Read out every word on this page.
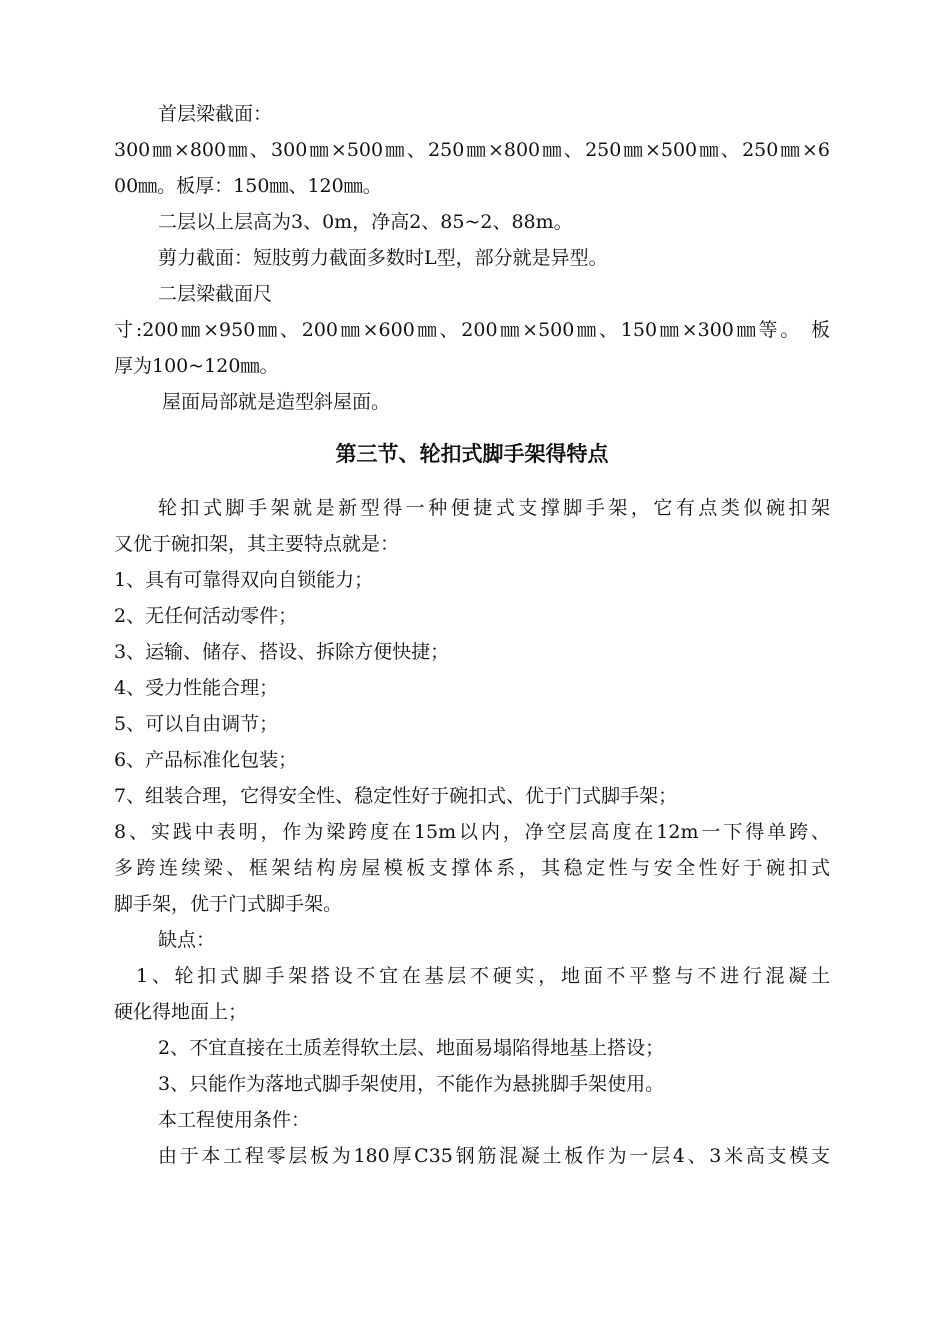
首层梁截面：
300㎜×800㎜、300㎜×500㎜、250㎜×800㎜、250㎜×500㎜、250㎜×6
00㎜。板厚：150㎜、120㎜。
二层以上层高为3、0m，净高2、85~2、88m。
剪力截面：短肢剪力截面多数时L型，部分就是异型。
二层梁截面尺
寸:200㎜×950㎜、200㎜×600㎜、200㎜×500㎜、150㎜×300㎜等。 板
厚为100~120㎜。
屋面局部就是造型斜屋面。
第三节、轮扣式脚手架得特点
轮扣式脚手架就是新型得一种便捷式支撑脚手架，它有点类似碗扣架
又优于碗扣架，其主要特点就是：
1、具有可靠得双向自锁能力；
2、无任何活动零件；
3、运输、储存、搭设、拆除方便快捷；
4、受力性能合理；
5、可以自由调节；
6、产品标准化包装；
7、组装合理，它得安全性、稳定性好于碗扣式、优于门式脚手架；
8、实践中表明，作为梁跨度在15m以内，净空层高度在12m一下得单跨、
多跨连续梁、框架结构房屋模板支撑体系，其稳定性与安全性好于碗扣式
脚手架，优于门式脚手架。
缺点：
1、轮扣式脚手架搭设不宜在基层不硬实，地面不平整与不进行混凝土
硬化得地面上；
2、不宜直接在土质差得软土层、地面易塌陷得地基上搭设；
3、只能作为落地式脚手架使用，不能作为悬挑脚手架使用。
本工程使用条件：
由于本工程零层板为180厚C35钢筋混凝土板作为一层4、3米高支模支
